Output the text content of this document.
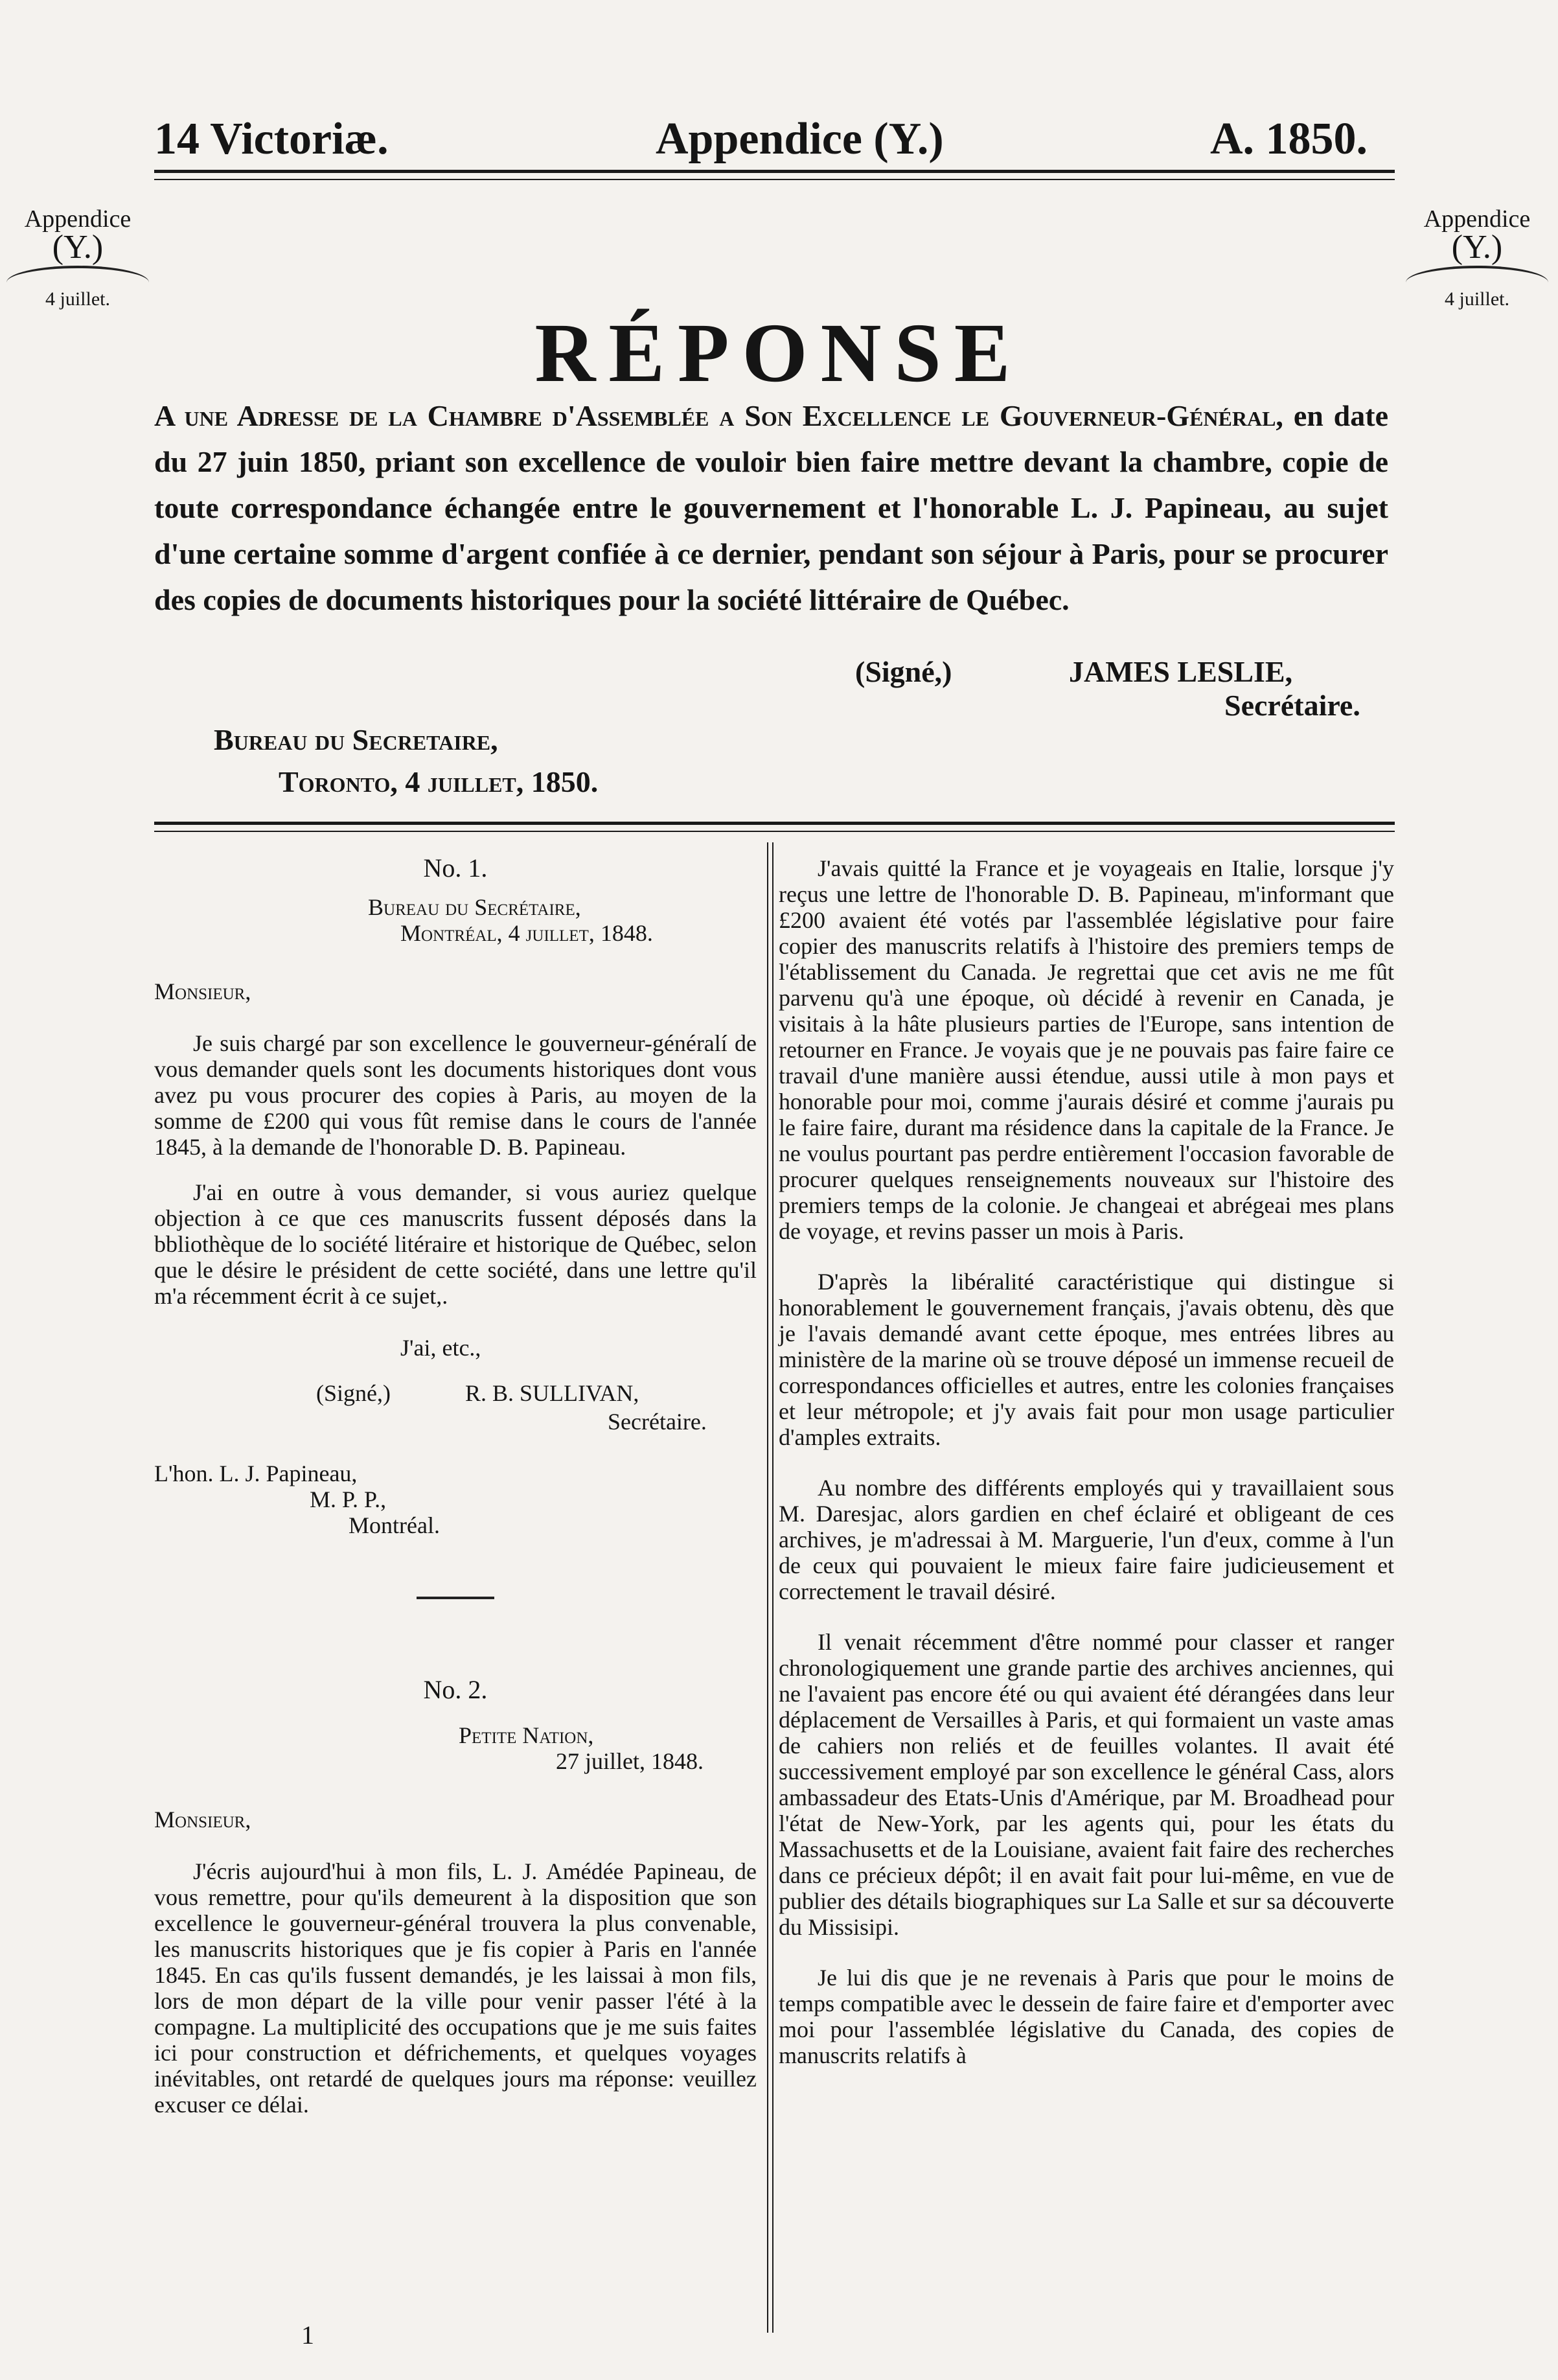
14 Victoriæ.	Appendice (Y.)	A. 1850.
Appendice
(Y.)
4 juillet.
Appendice
(Y.)
4 juillet.
RÉPONSE
A une Adresse de la Chambre d'Assemblée a Son Excellence le Gouverneur-Général, en date du 27 juin 1850, priant son excellence de vouloir bien faire mettre devant la chambre, copie de toute correspondance échangée entre le gouvernement et l'honorable L. J. Papineau, au sujet d'une certaine somme d'argent confiée à ce dernier, pendant son séjour à Paris, pour se procurer des copies de documents historiques pour la société littéraire de Québec.
(Signé,)	JAMES LESLIE,
Secrétaire.
Bureau du Secretaire,
Toronto, 4 juillet, 1850.
No. 1.
Bureau du Secrétaire,
Montréal, 4 juillet, 1848.
Monsieur,

Je suis chargé par son excellence le gouverneur-généralí de vous demander quels sont les documents historiques dont vous avez pu vous procurer des copies à Paris, au moyen de la somme de £200 qui vous fût remise dans le cours de l'année 1845, à la demande de l'honorable D. B. Papineau.

J'ai en outre à vous demander, si vous auriez quelque objection à ce que ces manuscrits fussent déposés dans la bbliothèque de lo société litéraire et historique de Québec, selon que le désire le président de cette société, dans une lettre qu'il m'a récemment écrit à ce sujet,.

J'ai, etc.,
(Signé,)	R. B. SULLIVAN,
Secrétaire.
L'hon. L. J. Papineau,
M. P. P.,
Montréal.
No. 2.
Petite Nation,
27 juillet, 1848.
Monsieur,

J'écris aujourd'hui à mon fils, L. J. Amédée Papineau, de vous remettre, pour qu'ils demeurent à la disposition que son excellence le gouverneur-général trouvera la plus convenable, les manuscrits historiques que je fis copier à Paris en l'année 1845. En cas qu'ils fussent demandés, je les laissai à mon fils, lors de mon départ de la ville pour venir passer l'été à la compagne. La multiplicité des occupations que je me suis faites ici pour construction et défrichements, et quelques voyages inévitables, ont retardé de quelques jours ma réponse: veuillez excuser ce délai.

J'avais quitté la France et je voyageais en Italie, lorsque j'y reçus une lettre de l'honorable D. B. Papineau, m'informant que £200 avaient été votés par l'assemblée législative pour faire copier des manuscrits relatifs à l'histoire des premiers temps de l'établissement du Canada. Je regrettai que cet avis ne me fût parvenu qu'à une époque, où décidé à revenir en Canada, je visitais à la hâte plusieurs parties de l'Europe, sans intention de retourner en France. Je voyais que je ne pouvais pas faire faire ce travail d'une manière aussi étendue, aussi utile à mon pays et honorable pour moi, comme j'aurais désiré et comme j'aurais pu le faire faire, durant ma résidence dans la capitale de la France. Je ne voulus pourtant pas perdre entièrement l'occasion favorable de procurer quelques renseignements nouveaux sur l'histoire des premiers temps de la colonie. Je changeai et abrégeai mes plans de voyage, et revins passer un mois à Paris.

D'après la libéralité caractéristique qui distingue si honorablement le gouvernement français, j'avais obtenu, dès que je l'avais demandé avant cette époque, mes entrées libres au ministère de la marine où se trouve déposé un immense recueil de correspondances officielles et autres, entre les colonies françaises et leur métropole; et j'y avais fait pour mon usage particulier d'amples extraits.

Au nombre des différents employés qui y travaillaient sous M. Daresjac, alors gardien en chef éclairé et obligeant de ces archives, je m'adressai à M. Marguerie, l'un d'eux, comme à l'un de ceux qui pouvaient le mieux faire faire judicieusement et correctement le travail désiré.

Il venait récemment d'être nommé pour classer et ranger chronologiquement une grande partie des archives anciennes, qui ne l'avaient pas encore été ou qui avaient été dérangées dans leur déplacement de Versailles à Paris, et qui formaient un vaste amas de cahiers non reliés et de feuilles volantes. Il avait été successivement employé par son excellence le général Cass, alors ambassadeur des Etats-Unis d'Amérique, par M. Broadhead pour l'état de New-York, par les agents qui, pour les états du Massachusetts et de la Louisiane, avaient fait faire des recherches dans ce précieux dépôt; il en avait fait pour lui-même, en vue de publier des détails biographiques sur La Salle et sur sa découverte du Missisipi.

Je lui dis que je ne revenais à Paris que pour le moins de temps compatible avec le dessein de faire faire et d'emporter avec moi pour l'assemblée législative du Canada, des copies de manuscrits relatifs à

1
